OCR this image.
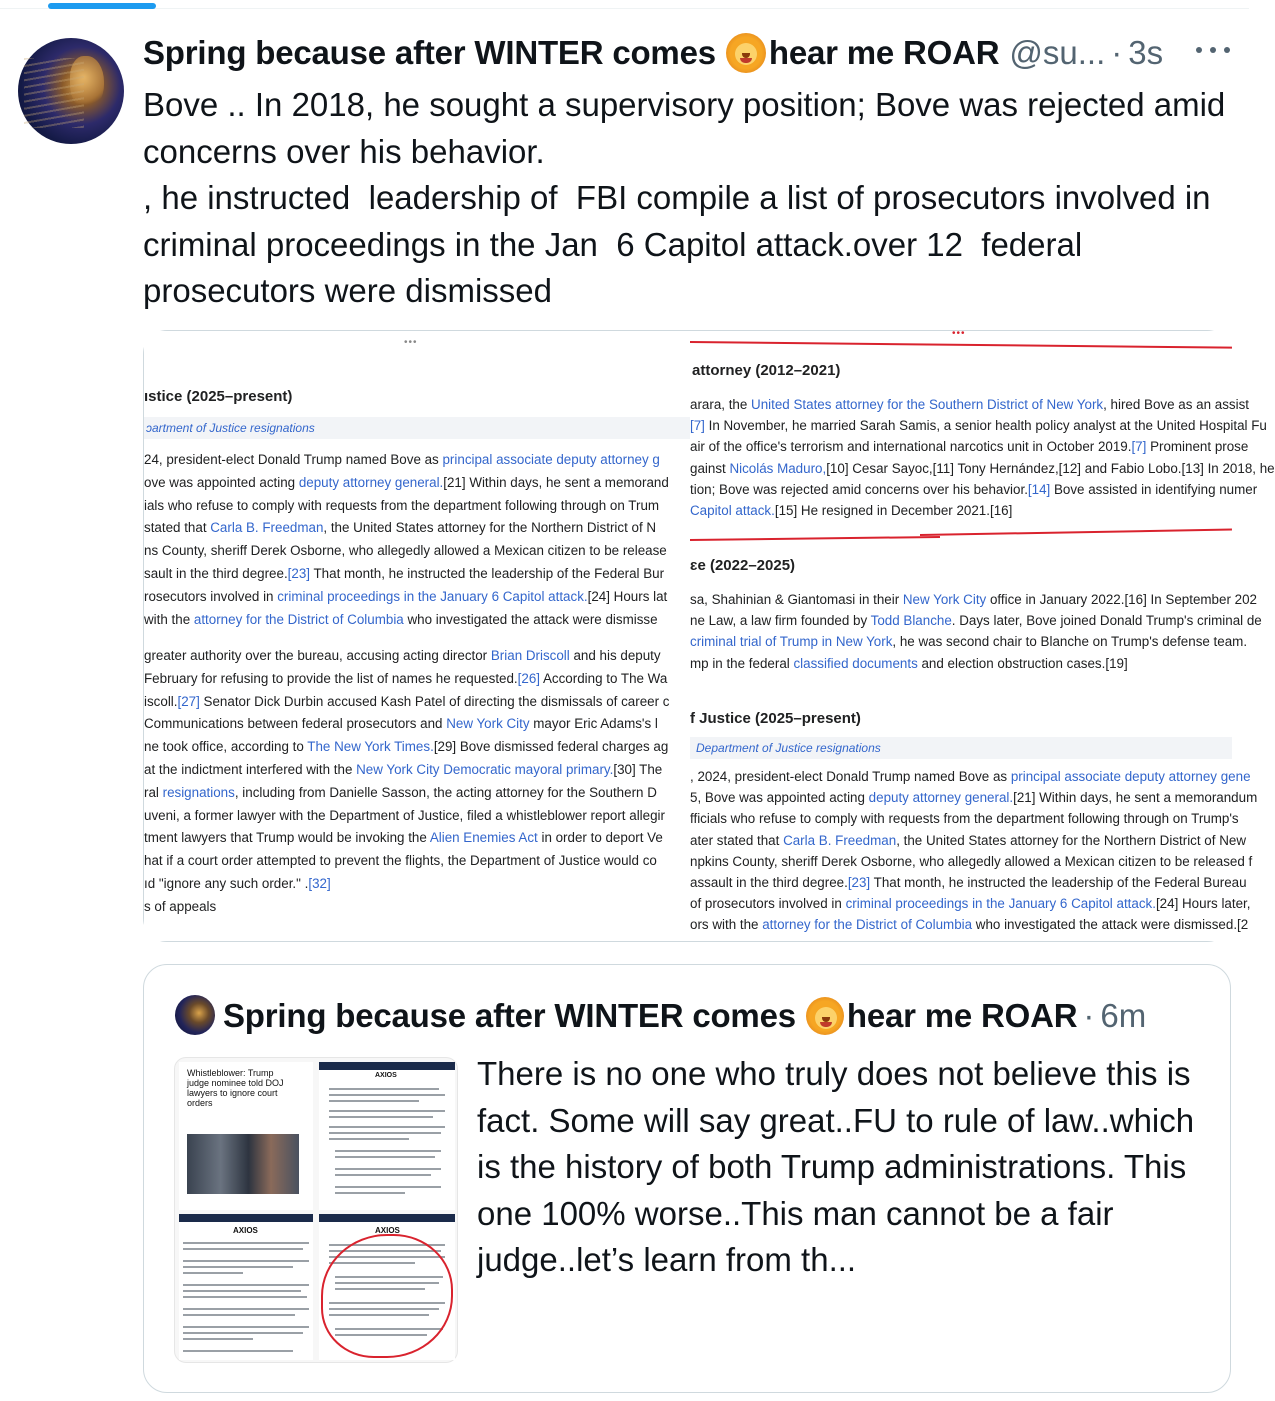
Spring because after WINTER comes hear me ROAR @su... · 3s

Bove .. In 2018, he sought a supervisory position; Bove was rejected amid concerns over his behavior.

, he instructed  leadership of  FBI compile a list of prosecutors involved in criminal proceedings in the Jan  6 Capitol attack.over 12  federal prosecutors were dismissed

•••
ıstice (2025–present)
ɔartment of Justice resignations
24, president-elect Donald Trump named Bove as principal associate deputy attorney g
ove was appointed acting deputy attorney general.[21] Within days, he sent a memorand
ials who refuse to comply with requests from the department following through on Trum
stated that Carla B. Freedman, the United States attorney for the Northern District of N
ns County, sheriff Derek Osborne, who allegedly allowed a Mexican citizen to be release
sault in the third degree.[23] That month, he instructed the leadership of the Federal Bur
rosecutors involved in criminal proceedings in the January 6 Capitol attack.[24] Hours lat
with the attorney for the District of Columbia who investigated the attack were dismisse
greater authority over the bureau, accusing acting director Brian Driscoll and his deputy
February for refusing to provide the list of names he requested.[26] According to The Wa
iscoll.[27] Senator Dick Durbin accused Kash Patel of directing the dismissals of career c
Communications between federal prosecutors and New York City mayor Eric Adams's l
ne took office, according to The New York Times.[29] Bove dismissed federal charges ag
at the indictment interfered with the New York City Democratic mayoral primary.[30] The
ral resignations, including from Danielle Sasson, the acting attorney for the Southern D
uveni, a former lawyer with the Department of Justice, filed a whistleblower report allegir
tment lawyers that Trump would be invoking the Alien Enemies Act in order to deport Ve
hat if a court order attempted to prevent the flights, the Department of Justice would co
ıd "ignore any such order." .[32]
s of appeals
•••
attorney (2012–2021)
arara, the United States attorney for the Southern District of New York, hired Bove as an assist
[7] In November, he married Sarah Samis, a senior health policy analyst at the United Hospital Fu
air of the office's terrorism and international narcotics unit in October 2019.[7] Prominent prose
gainst Nicolás Maduro,[10] Cesar Sayoc,[11] Tony Hernández,[12] and Fabio Lobo.[13] In 2018, he
tion; Bove was rejected amid concerns over his behavior.[14] Bove assisted in identifying numer
Capitol attack.[15] He resigned in December 2021.[16]
ɛe (2022–2025)
sa, Shahinian & Giantomasi in their New York City office in January 2022.[16] In September 202
ne Law, a law firm founded by Todd Blanche. Days later, Bove joined Donald Trump's criminal de
criminal trial of Trump in New York, he was second chair to Blanche on Trump's defense team.
mp in the federal classified documents and election obstruction cases.[19]
f Justice (2025–present)
Department of Justice resignations
, 2024, president-elect Donald Trump named Bove as principal associate deputy attorney gene
5, Bove was appointed acting deputy attorney general.[21] Within days, he sent a memorandum
fficials who refuse to comply with requests from the department following through on Trump's
ater stated that Carla B. Freedman, the United States attorney for the Northern District of New
npkins County, sheriff Derek Osborne, who allegedly allowed a Mexican citizen to be released f
assault in the third degree.[23] That month, he instructed the leadership of the Federal Bureau
of prosecutors involved in criminal proceedings in the January 6 Capitol attack.[24] Hours later,
ors with the attorney for the District of Columbia who investigated the attack were dismissed.[2
Spring because after WINTER comes hear me ROAR · 6m
Whistleblower: Trump judge nominee told DOJ lawyers to ignore court orders
AXIOS
AXIOS	AXIOS
There is no one who truly does not believe this is fact. Some will say great..FU to rule of law..which is the history of both Trump administrations. This one 100% worse..This man cannot be a fair judge..let’s learn from th...
